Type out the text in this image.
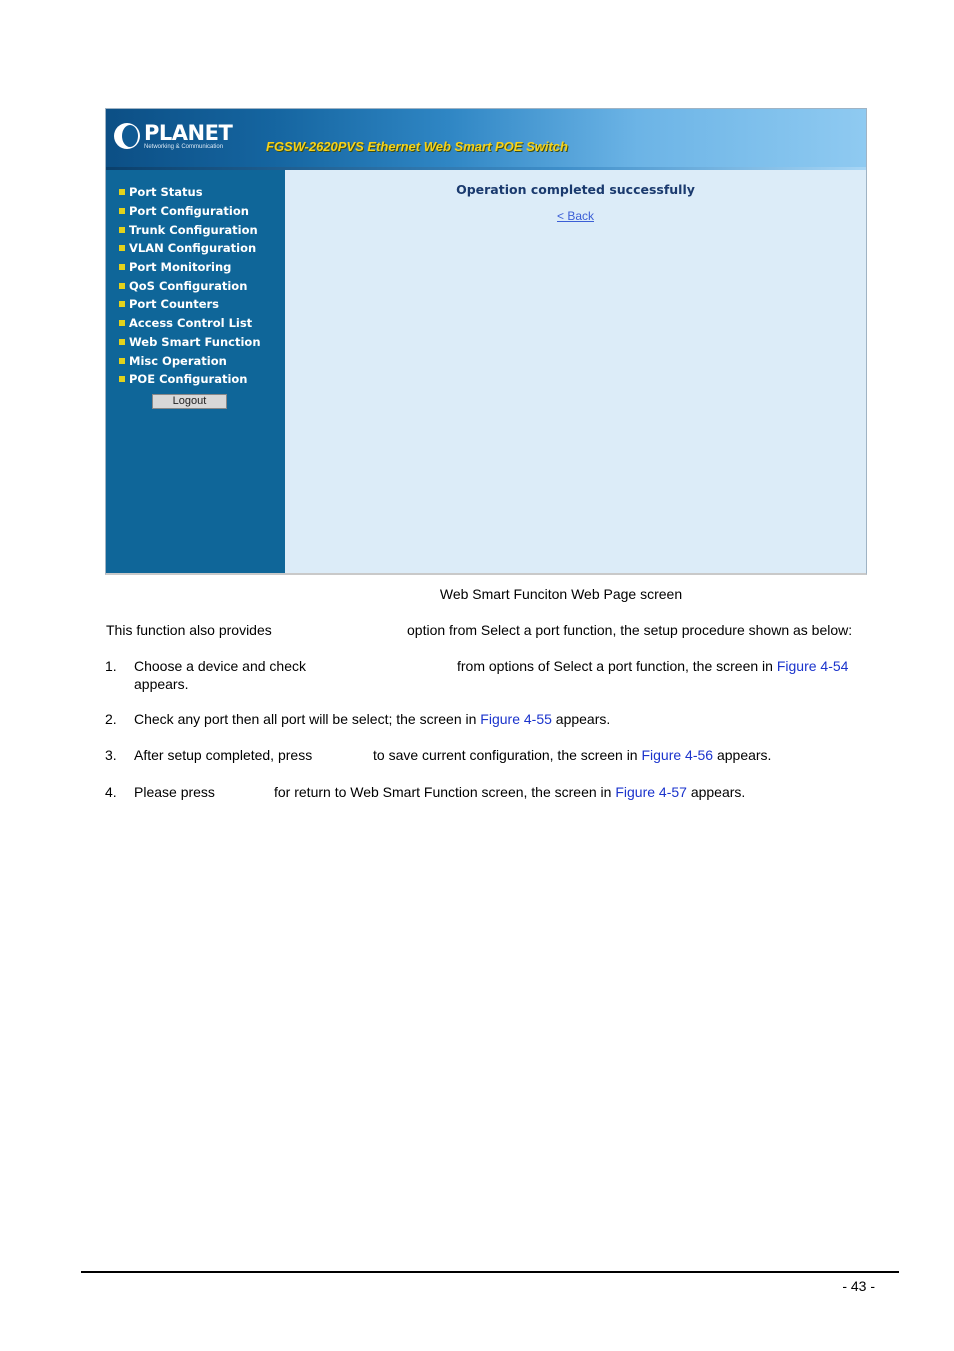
PLANET
Networking & Communication	FGSW-2620PVS Ethernet Web Smart POE Switch
Port Status
Port Configuration
Trunk Configuration
VLAN Configuration
Port Monitoring
QoS Configuration
Port Counters
Access Control List
Web Smart Function
Misc Operation
POE Configuration
Logout
Operation completed successfully
< Back
Web Smart Funciton Web Page screen
This function also provides	option from Select a port function, the setup procedure shown as below:
1. Choose a device and check	from options of Select a port function, the screen in Figure 4-54
appears.
2. Check any port then all port will be select; the screen in Figure 4-55 appears.
3. After setup completed, press	to save current configuration, the screen in Figure 4-56 appears.
4. Please press	for return to Web Smart Function screen, the screen in Figure 4-57 appears.
- 43 -
